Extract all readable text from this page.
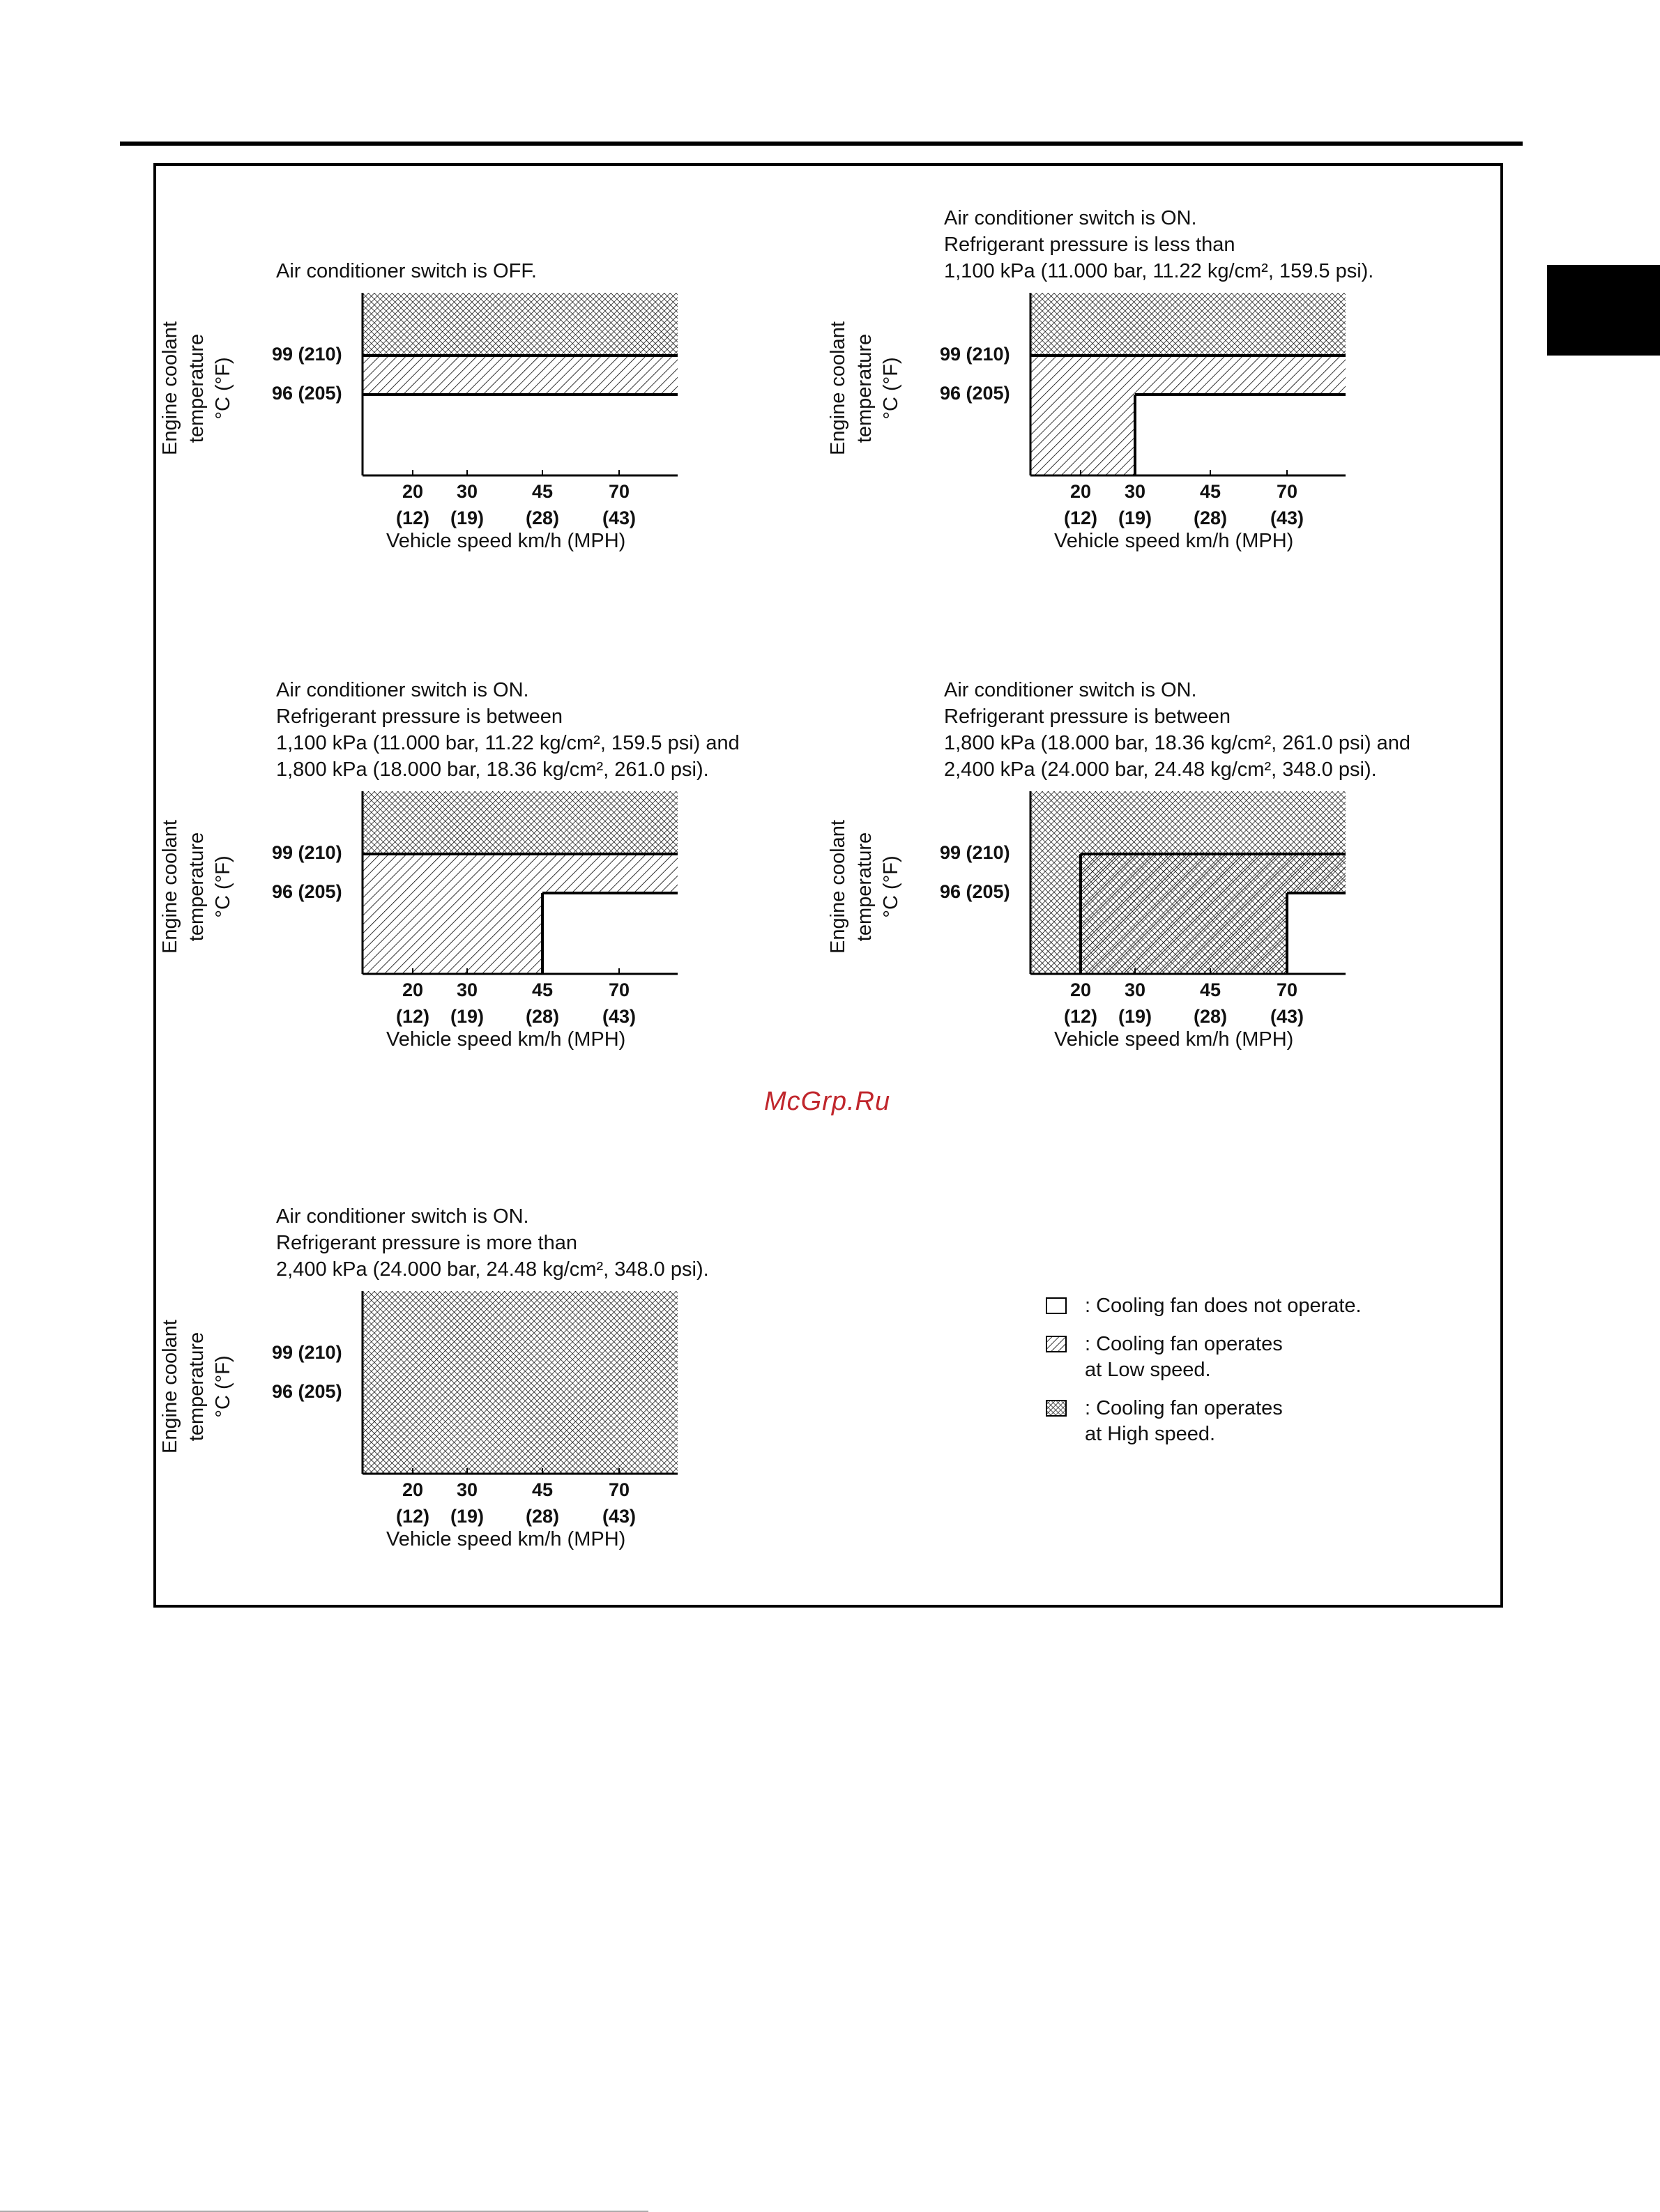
McGrp.Ru
Air conditioner switch is OFF.
Engine coolant temperature °C (°F)
99 (210)
96 (205)
20
(12)
30
(19)
45
(28)
70
(43)
Vehicle speed km/h (MPH)
Air conditioner switch is ON.
Refrigerant pressure is less than
1,100 kPa (11.000 bar, 11.22 kg/cm², 159.5 psi).
Engine coolant temperature °C (°F)
99 (210)
96 (205)
20
(12)
30
(19)
45
(28)
70
(43)
Vehicle speed km/h (MPH)
Air conditioner switch is ON.
Refrigerant pressure is between
1,100 kPa (11.000 bar, 11.22 kg/cm², 159.5 psi) and
1,800 kPa (18.000 bar, 18.36 kg/cm², 261.0 psi).
Engine coolant temperature °C (°F)
99 (210)
96 (205)
20
(12)
30
(19)
45
(28)
70
(43)
Vehicle speed km/h (MPH)
Air conditioner switch is ON.
Refrigerant pressure is between
1,800 kPa (18.000 bar, 18.36 kg/cm², 261.0 psi) and
2,400 kPa (24.000 bar, 24.48 kg/cm², 348.0 psi).
Engine coolant temperature °C (°F)
99 (210)
96 (205)
20
(12)
30
(19)
45
(28)
70
(43)
Vehicle speed km/h (MPH)
Air conditioner switch is ON.
Refrigerant pressure is more than
2,400 kPa (24.000 bar, 24.48 kg/cm², 348.0 psi).
Engine coolant temperature °C (°F)
99 (210)
96 (205)
20
(12)
30
(19)
45
(28)
70
(43)
Vehicle speed km/h (MPH)
: Cooling fan does not operate.
: Cooling fan operates
at Low speed.
: Cooling fan operates
at High speed.
